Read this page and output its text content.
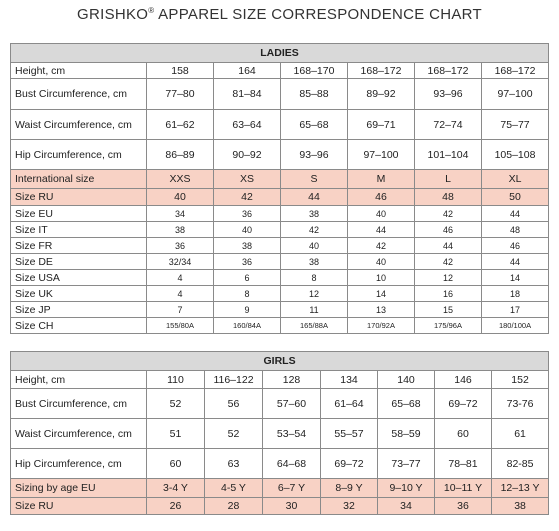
GRISHKO® APPAREL SIZE CORRESPONDENCE CHART
LADIES						
Height, cm	158	164	168–170	168–172	168–172	168–172
Bust Circumference, cm	77–80	81–84	85–88	89–92	93–96	97–100
Waist Circumference, cm	61–62	63–64	65–68	69–71	72–74	75–77
Hip Circumference, cm	86–89	90–92	93–96	97–100	101–104	105–108
International size	XXS	XS	S	M	L	XL
Size RU	40	42	44	46	48	50
Size EU	34	36	38	40	42	44
Size IT	38	40	42	44	46	48
Size FR	36	38	40	42	44	46
Size DE	32/34	36	38	40	42	44
Size USA	4	6	8	10	12	14
Size UK	4	8	12	14	16	18
Size JP	7	9	11	13	15	17
Size CH	155/80A	160/84A	165/88A	170/92A	175/96A	180/100A
GIRLS							
Height, cm	110	116–122	128	134	140	146	152
Bust Circumference, cm	52	56	57–60	61–64	65–68	69–72	73-76
Waist Circumference, cm	51	52	53–54	55–57	58–59	60	61
Hip Circumference, cm	60	63	64–68	69–72	73–77	78–81	82-85
Sizing by age EU	3-4 Y	4-5 Y	6–7 Y	8–9 Y	9–10 Y	10–11 Y	12–13 Y
Size RU	26	28	30	32	34	36	38
